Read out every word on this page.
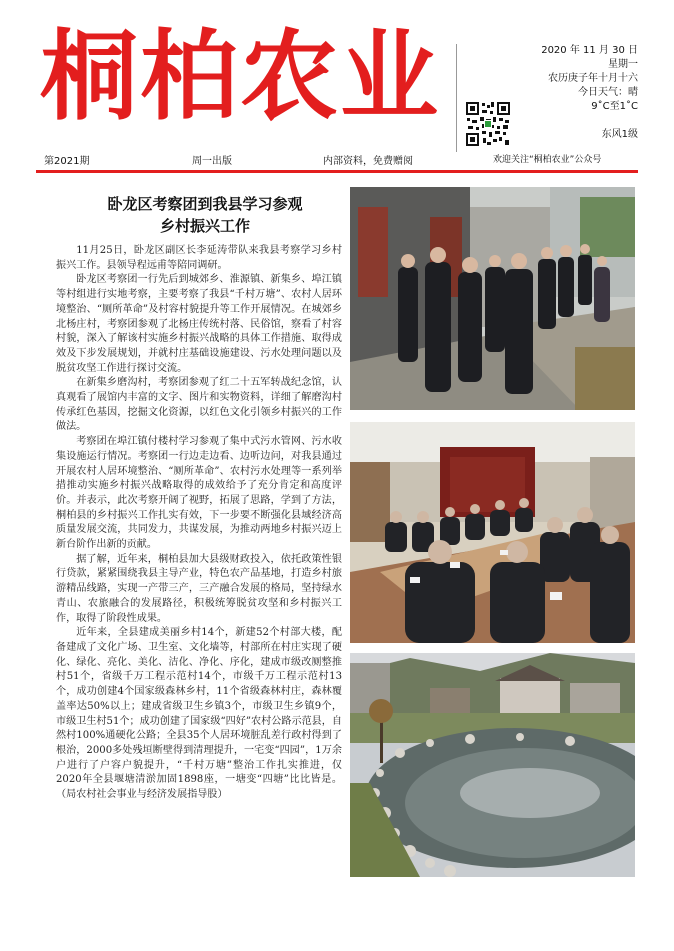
桐柏农业	2020 年 11 月 30 日
星期一
农历庚子年十月十六
今日天气：晴
9˚C至1˚C
东风1级
第2021期	周一出版	内部资料，免费赠阅	欢迎关注“桐柏农业”公众号
卧龙区考察团到我县学习参观
乡村振兴工作

11月25日，卧龙区副区长李延涛带队来我县考察学习乡村振兴工作。县领导程远甫等陪同调研。

卧龙区考察团一行先后到城郊乡、淮源镇、新集乡、埠江镇等村组进行实地考察，主要考察了我县“千村万塘”、农村人居环境整治、“厕所革命”及村容村貌提升等工作开展情况。在城郊乡北杨庄村，考察团参观了北杨庄传统村落、民俗馆，察看了村容村貌，深入了解该村实施乡村振兴战略的具体工作措施、取得成效及下步发展规划，并就村庄基础设施建设、污水处理问题以及脱贫攻坚工作进行探讨交流。

在新集乡磨沟村，考察团参观了红二十五军转战纪念馆，认真观看了展馆内丰富的文字、图片和实物资料，详细了解磨沟村传承红色基因，挖掘文化资源，以红色文化引领乡村振兴的工作做法。

考察团在埠江镇付楼村学习参观了集中式污水管网、污水收集设施运行情况。考察团一行边走边看、边听边问，对我县通过开展农村人居环境整治、“厕所革命”、农村污水处理等一系列举措推动实施乡村振兴战略取得的成效给予了充分肯定和高度评价。并表示，此次考察开阔了视野，拓展了思路，学到了方法，桐柏县的乡村振兴工作扎实有效，下一步要不断强化县域经济高质量发展交流，共同发力，共谋发展，为推动两地乡村振兴迈上新台阶作出新的贡献。

据了解，近年来，桐柏县加大县级财政投入，依托政策性银行贷款，紧紧围绕我县主导产业，特色农产品基地，打造乡村旅游精品线路，实现一产带三产，三产融合发展的格局，坚持绿水青山、农旅融合的发展路径，积极统筹脱贫攻坚和乡村振兴工作，取得了阶段性成果。

近年来，全县建成美丽乡村14个，新建52个村部大楼，配备建成了文化广场、卫生室、文化墙等，村部所在村庄实现了硬化、绿化、亮化、美化、洁化、净化、序化，建成市级改厕整推村51个，省级千万工程示范村14个，市级千万工程示范村13个，成功创建4个国家级森林乡村，11个省级森林村庄，森林覆盖率达50%以上；建成省级卫生乡镇3个，市级卫生乡镇9个，市级卫生村51个；成功创建了国家级“四好”农村公路示范县，自然村100%通硬化公路；全县35个人居环境脏乱差行政村得到了根治，2000多处残垣断壁得到清理提升，一宅变“四园”，1万余户进行了户容户貌提升，“千村万塘”整治工作扎实推进，仅2020年全县堰塘清淤加固1898座，一塘变“四塘”比比皆是。（局农村社会事业与经济发展指导股）
